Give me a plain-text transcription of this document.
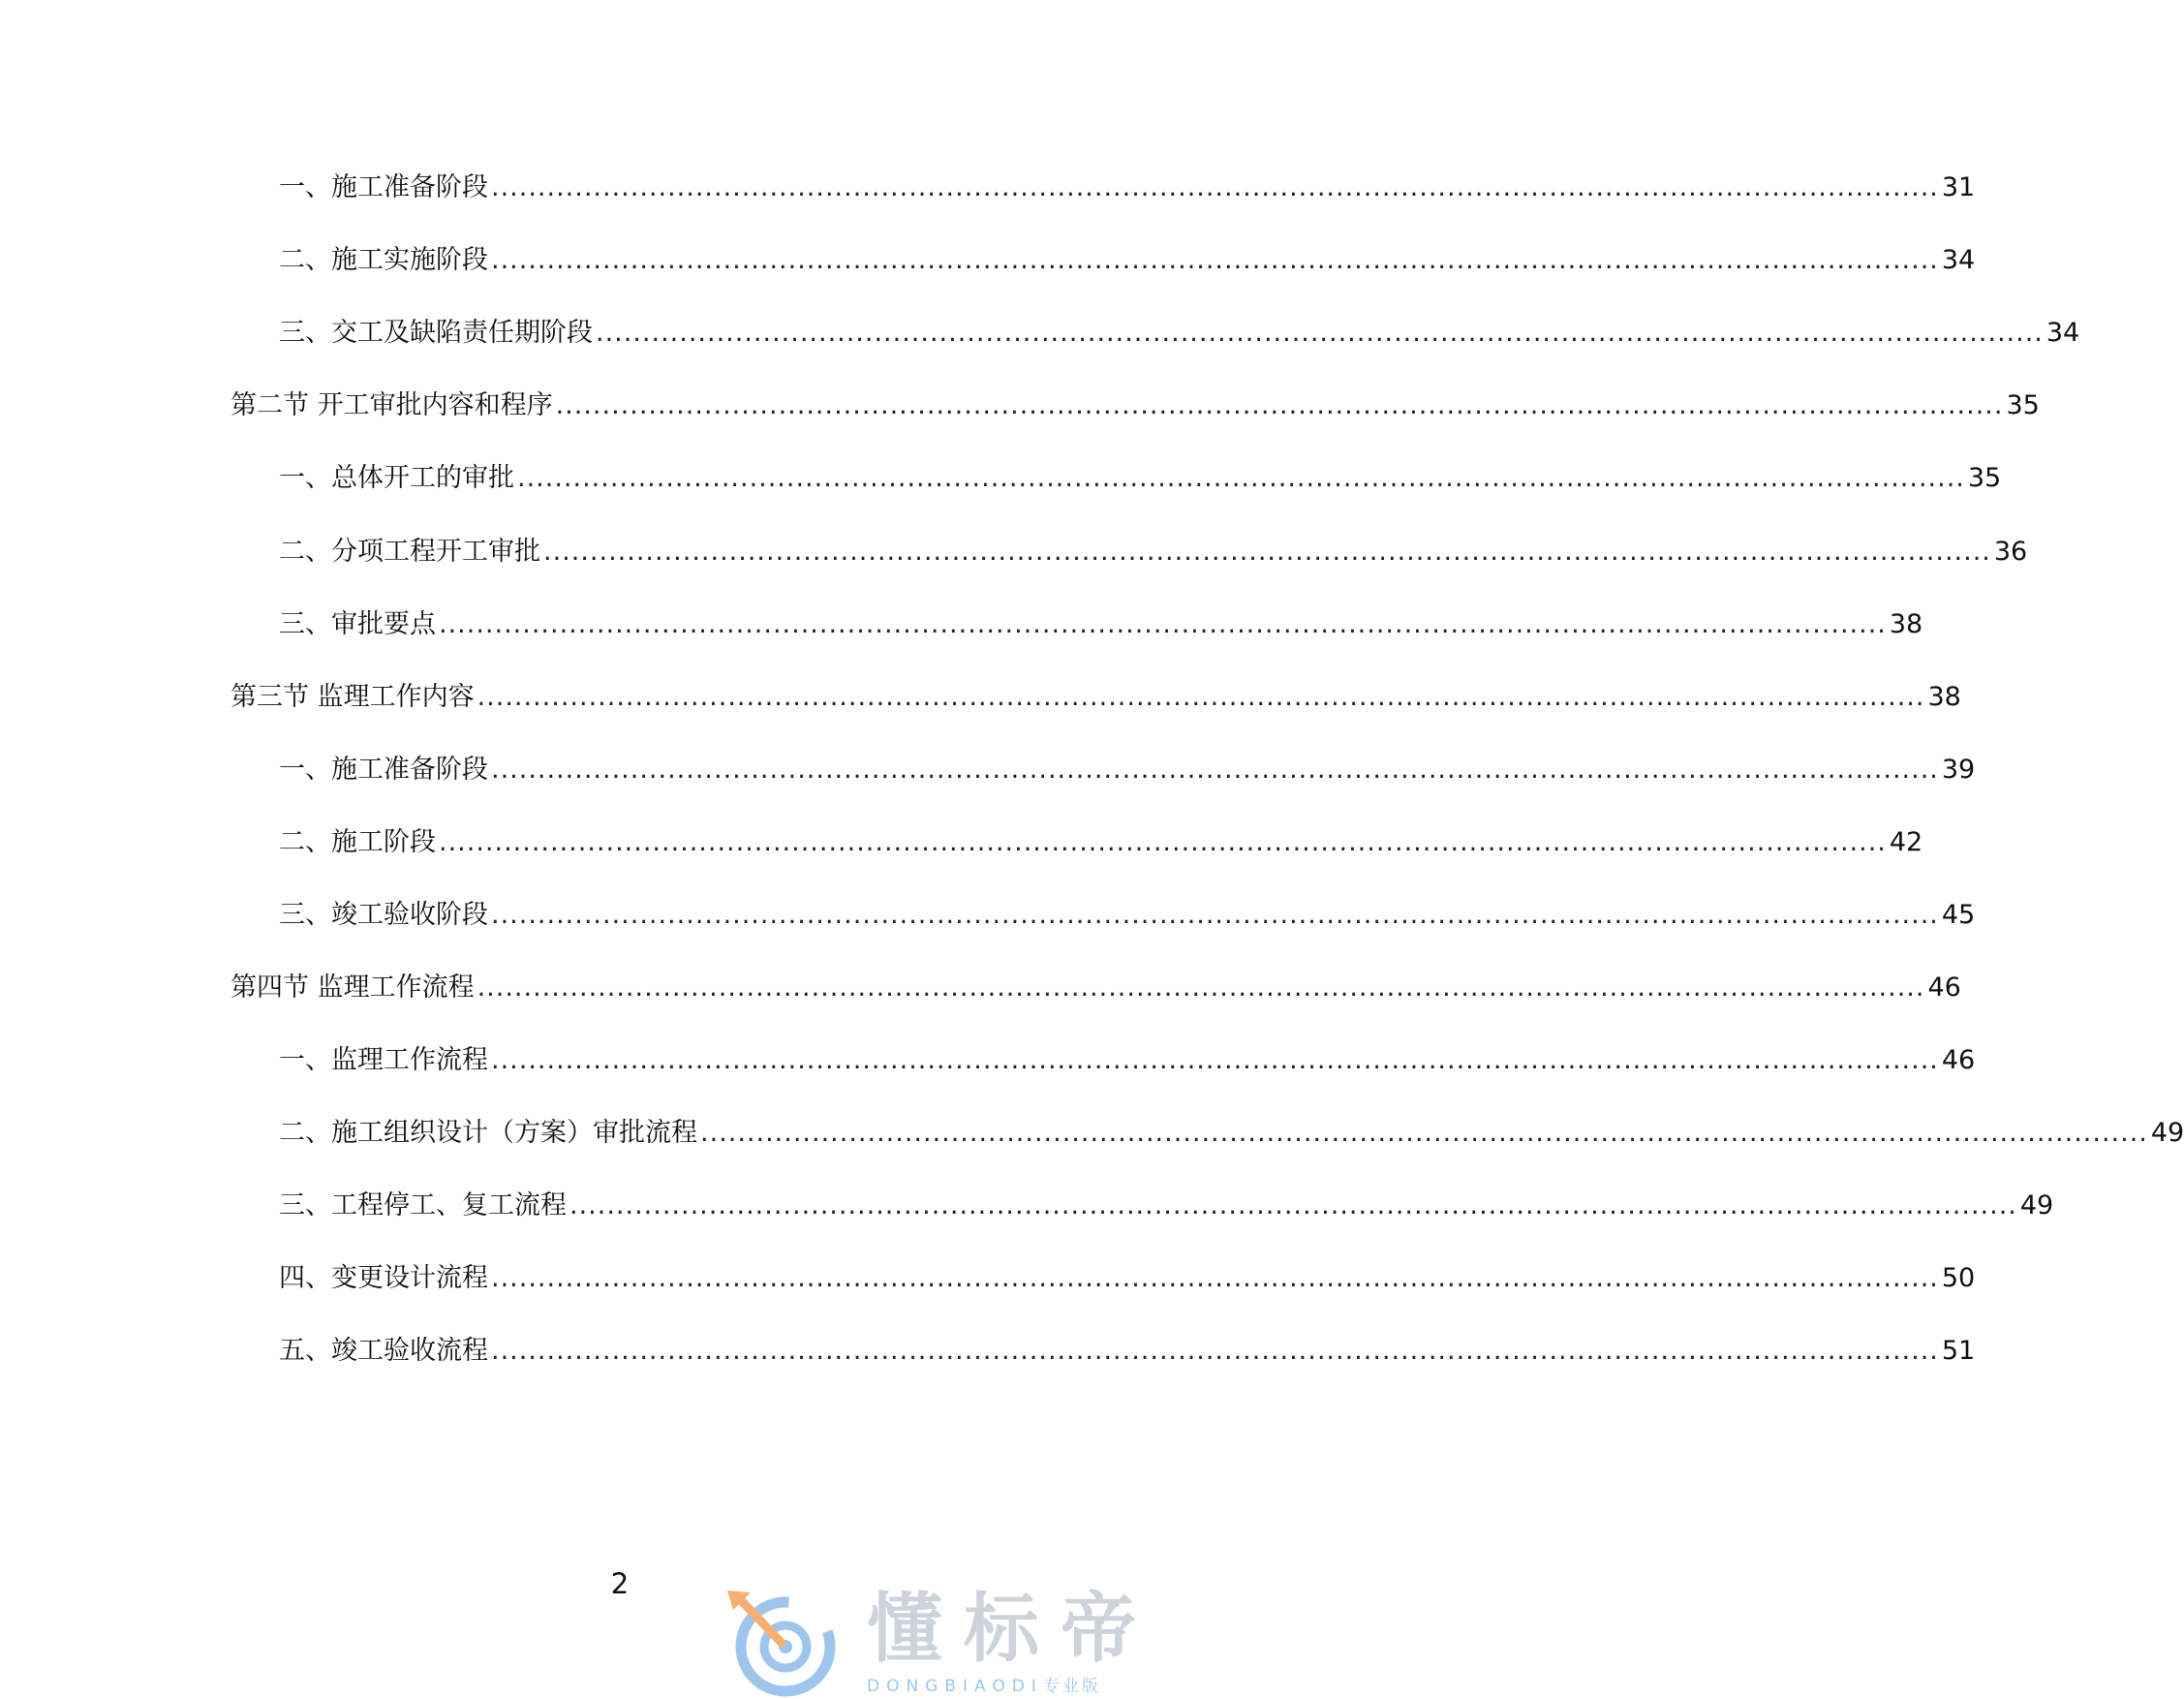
一、施工准备阶段 ............................................................................................................................................................ 31
二、施工实施阶段 ............................................................................................................................................................ 34
三、交工及缺陷责任期阶段 ............................................................................................................................................................ 34
第二节 开工审批内容和程序 ............................................................................................................................................................ 35
一、总体开工的审批 ............................................................................................................................................................ 35
二、分项工程开工审批 ............................................................................................................................................................ 36
三、审批要点 ............................................................................................................................................................ 38
第三节 监理工作内容 ............................................................................................................................................................ 38
一、施工准备阶段 ............................................................................................................................................................ 39
二、施工阶段 ............................................................................................................................................................ 42
三、竣工验收阶段 ............................................................................................................................................................ 45
第四节 监理工作流程 ............................................................................................................................................................ 46
一、监理工作流程 ............................................................................................................................................................ 46
二、施工组织设计（方案）审批流程 ............................................................................................................................................................ 49
三、工程停工、复工流程 ............................................................................................................................................................ 49
四、变更设计流程 ............................................................................................................................................................ 50
五、竣工验收流程 ............................................................................................................................................................ 51
2
懂标帝
DONGBIAODI专业版
